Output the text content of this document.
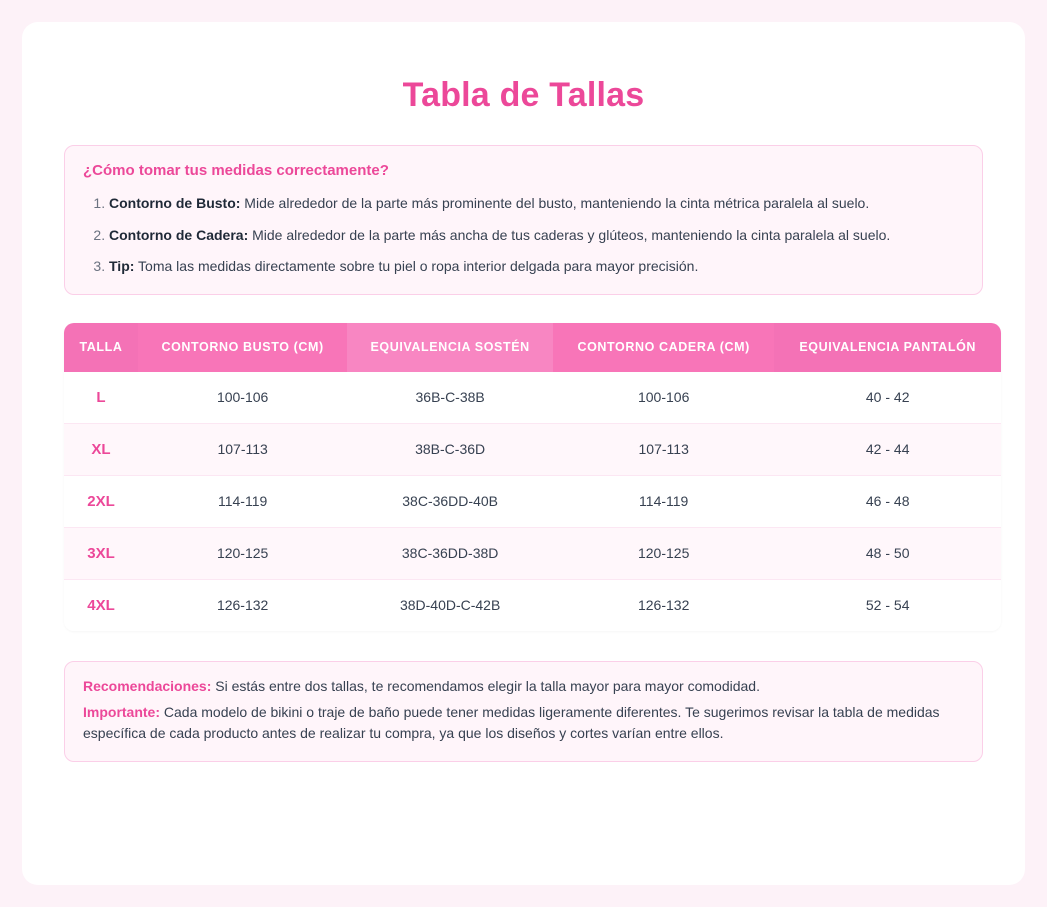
Tabla de Tallas
¿Cómo tomar tus medidas correctamente?
1. Contorno de Busto: Mide alrededor de la parte más prominente del busto, manteniendo la cinta métrica paralela al suelo.
2. Contorno de Cadera: Mide alrededor de la parte más ancha de tus caderas y glúteos, manteniendo la cinta paralela al suelo.
3. Tip: Toma las medidas directamente sobre tu piel o ropa interior delgada para mayor precisión.
TALLA	CONTORNO BUSTO (CM)	EQUIVALENCIA SOSTÉN	CONTORNO CADERA (CM)	EQUIVALENCIA PANTALÓN
L	100-106	36B-C-38B	100-106	40 - 42
XL	107-113	38B-C-36D	107-113	42 - 44
2XL	114-119	38C-36DD-40B	114-119	46 - 48
3XL	120-125	38C-36DD-38D	120-125	48 - 50
4XL	126-132	38D-40D-C-42B	126-132	52 - 54

Recomendaciones: Si estás entre dos tallas, te recomendamos elegir la talla mayor para mayor comodidad.

Importante: Cada modelo de bikini o traje de baño puede tener medidas ligeramente diferentes. Te sugerimos revisar la tabla de medidas específica de cada producto antes de realizar tu compra, ya que los diseños y cortes varían entre ellos.
